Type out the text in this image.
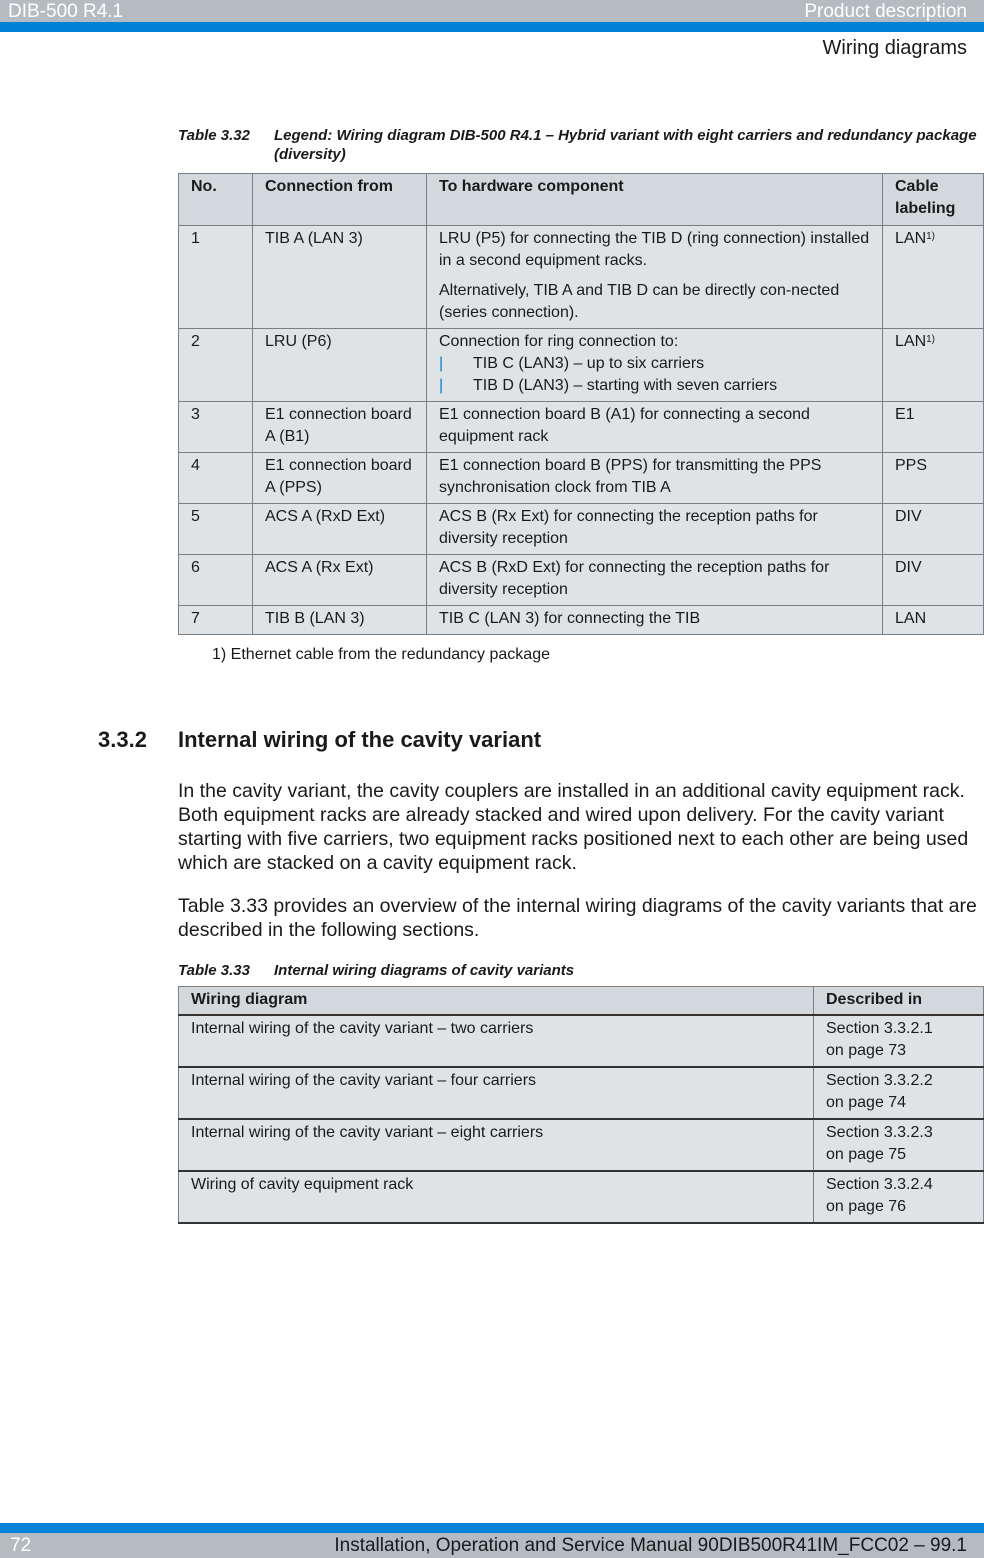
DIB-500 R4.1	Product description
Wiring diagrams
Table 3.32 Legend: Wiring diagram DIB-500 R4.1 – Hybrid variant with eight carriers and redundancy package (diversity)
No.	Connection from	To hardware component	Cable labeling
1	TIB A (LAN 3)	LRU (P5) for connecting the TIB D (ring connection) installed in a second equipment racks.

Alternatively, TIB A and TIB D can be directly con-nected (series connection).	LAN$^{1)}$
2	LRU (P6)	Connection for ring connection to:

| TIB C (LAN3) – up to six carriers
| TIB D (LAN3) – starting with seven carriers	LAN$^{1)}$
3	E1 connection board A (B1)	E1 connection board B (A1) for connecting a second equipment rack	E1
4	E1 connection board A (PPS)	E1 connection board B (PPS) for transmitting the PPS synchronisation clock from TIB A	PPS
5	ACS A (RxD Ext)	ACS B (Rx Ext) for connecting the reception paths for diversity reception	DIV
6	ACS A (Rx Ext)	ACS B (RxD Ext) for connecting the reception paths for diversity reception	DIV
7	TIB B (LAN 3)	TIB C (LAN 3) for connecting the TIB	LAN
1) Ethernet cable from the redundancy package
3.3.2 Internal wiring of the cavity variant
In the cavity variant, the cavity couplers are installed in an additional cavity equipment rack. Both equipment racks are already stacked and wired upon delivery. For the cavity variant starting with five carriers, two equipment racks positioned next to each other are being used which are stacked on a cavity equipment rack.
Table 3.33 provides an overview of the internal wiring diagrams of the cavity variants that are described in the following sections.
Table 3.33 Internal wiring diagrams of cavity variants
Wiring diagram	Described in
Internal wiring of the cavity variant – two carriers	Section 3.3.2.1
on page 73

Internal wiring of the cavity variant – four carriers	Section 3.3.2.2
on page 74

Internal wiring of the cavity variant – eight carriers	Section 3.3.2.3
on page 75

Wiring of cavity equipment rack	Section 3.3.2.4
on page 76
72	Installation, Operation and Service Manual 90DIB500R41IM_FCC02 – 99.1
